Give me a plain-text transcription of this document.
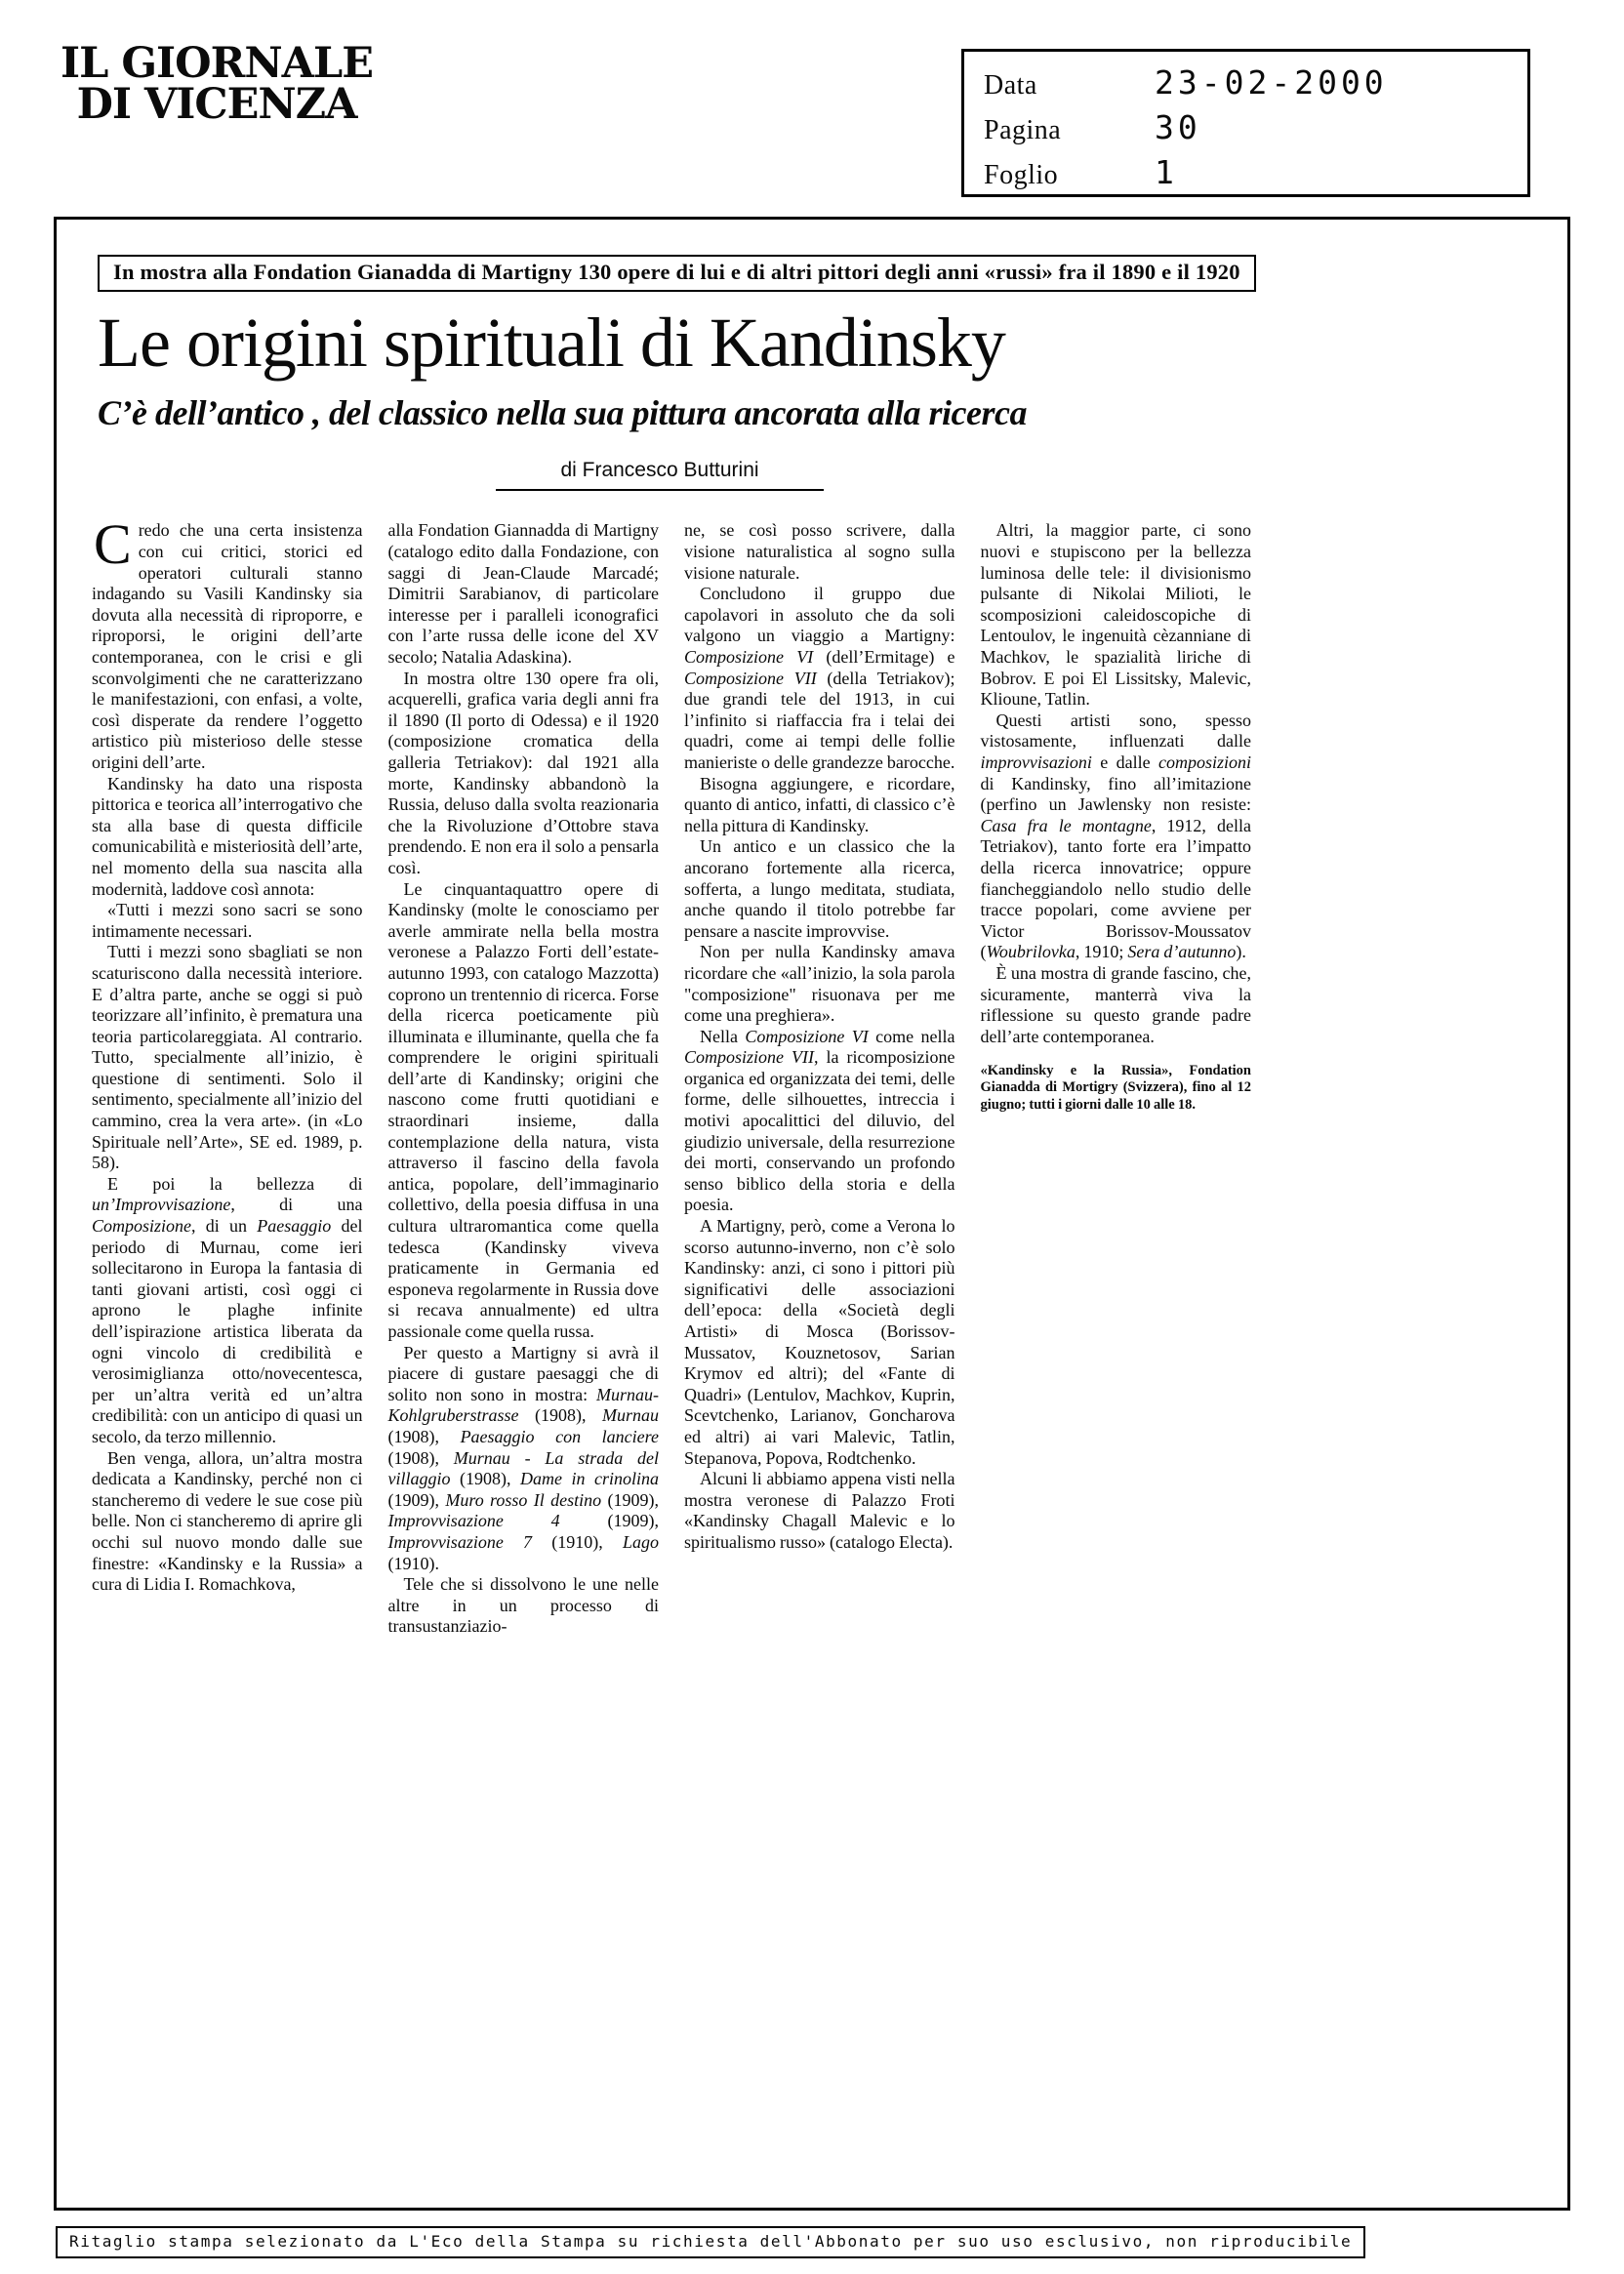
IL GIORNALE
DI VICENZA	Data	23-02-2000
Pagina	30
Foglio	1
In mostra alla Fondation Gianadda di Martigny 130 opere di lui e di altri pittori degli anni «russi» fra il 1890 e il 1920
Le origini spirituali di Kandinsky
C’è dell’antico , del classico nella sua pittura ancorata alla ricerca
di Francesco Butturini

Credo che una certa insistenza con cui critici, storici ed operatori culturali stanno indagando su Vasili Kandinsky sia dovuta alla necessità di riproporre, e riproporsi, le origini dell’arte contemporanea, con le crisi e gli sconvolgimenti che ne caratterizzano le manifestazioni, con enfasi, a volte, così disperate da rendere l’oggetto artistico più misterioso delle stesse origini dell’arte.

Kandinsky ha dato una risposta pittorica e teorica all’interrogativo che sta alla base di questa difficile comunicabilità e misteriosità dell’arte, nel momento della sua nascita alla modernità, laddove così annota:

«Tutti i mezzi sono sacri se sono intimamente necessari.

Tutti i mezzi sono sbagliati se non scaturiscono dalla necessità interiore. E d’altra parte, anche se oggi si può teorizzare all’infinito, è prematura una teoria particolareggiata. Al contrario. Tutto, specialmente all’inizio, è questione di sentimenti. Solo il sentimento, specialmente all’inizio del cammino, crea la vera arte». (in «Lo Spirituale nell’Arte», SE ed. 1989, p. 58).

E poi la bellezza di un’Improvvisazione, di una Composizione, di un Paesaggio del periodo di Murnau, come ieri sollecitarono in Europa la fantasia di tanti giovani artisti, così oggi ci aprono le plaghe infinite dell’ispirazione artistica liberata da ogni vincolo di credibilità e verosimiglianza otto/novecentesca, per un’altra verità ed un’altra credibilità: con un anticipo di quasi un secolo, da terzo millennio.

Ben venga, allora, un’altra mostra dedicata a Kandinsky, perché non ci stancheremo di vedere le sue cose più belle. Non ci stancheremo di aprire gli occhi sul nuovo mondo dalle sue finestre: «Kandinsky e la Russia» a cura di Lidia I. Romachkova,

alla Fondation Giannadda di Martigny (catalogo edito dalla Fondazione, con saggi di Jean-Claude Marcadé; Dimitrii Sarabianov, di particolare interesse per i paralleli iconografici con l’arte russa delle icone del XV secolo; Natalia Adaskina).

In mostra oltre 130 opere fra oli, acquerelli, grafica varia degli anni fra il 1890 (Il porto di Odessa) e il 1920 (composizione cromatica della galleria Tetriakov): dal 1921 alla morte, Kandinsky abbandonò la Russia, deluso dalla svolta reazionaria che la Rivoluzione d’Ottobre stava prendendo. E non era il solo a pensarla così.

Le cinquantaquattro opere di Kandinsky (molte le conosciamo per averle ammirate nella bella mostra veronese a Palazzo Forti dell’estate-autunno 1993, con catalogo Mazzotta) coprono un trentennio di ricerca. Forse della ricerca poeticamente più illuminata e illuminante, quella che fa comprendere le origini spirituali dell’arte di Kandinsky; origini che nascono come frutti quotidiani e straordinari insieme, dalla contemplazione della natura, vista attraverso il fascino della favola antica, popolare, dell’immaginario collettivo, della poesia diffusa in una cultura ultraromantica come quella tedesca (Kandinsky viveva praticamente in Germania ed esponeva regolarmente in Russia dove si recava annualmente) ed ultra passionale come quella russa.

Per questo a Martigny si avrà il piacere di gustare paesaggi che di solito non sono in mostra: Murnau-Kohlgruberstrasse (1908), Murnau (1908), Paesaggio con lanciere (1908), Murnau - La strada del villaggio (1908), Dame in crinolina (1909), Muro rosso Il destino (1909), Improvvisazione 4 (1909), Improvvisazione 7 (1910), Lago (1910).

Tele che si dissolvono le une nelle altre in un processo di transustanziazio-

ne, se così posso scrivere, dalla visione naturalistica al sogno sulla visione naturale.

Concludono il gruppo due capolavori in assoluto che da soli valgono un viaggio a Martigny: Composizione VI (dell’Ermitage) e Composizione VII (della Tetriakov); due grandi tele del 1913, in cui l’infinito si riaffaccia fra i telai dei quadri, come ai tempi delle follie manieriste o delle grandezze barocche.

Bisogna aggiungere, e ricordare, quanto di antico, infatti, di classico c’è nella pittura di Kandinsky.

Un antico e un classico che la ancorano fortemente alla ricerca, sofferta, a lungo meditata, studiata, anche quando il titolo potrebbe far pensare a nascite improvvise.

Non per nulla Kandinsky amava ricordare che «all’inizio, la sola parola "composizione" risuonava per me come una preghiera».

Nella Composizione VI come nella Composizione VII, la ricomposizione organica ed organizzata dei temi, delle forme, delle silhouettes, intreccia i motivi apocalittici del diluvio, del giudizio universale, della resurrezione dei morti, conservando un profondo senso biblico della storia e della poesia.

A Martigny, però, come a Verona lo scorso autunno-inverno, non c’è solo Kandinsky: anzi, ci sono i pittori più significativi delle associazioni dell’epoca: della «Società degli Artisti» di Mosca (Borissov-Mussatov, Kouznetosov, Sarian Krymov ed altri); del «Fante di Quadri» (Lentulov, Machkov, Kuprin, Scevtchenko, Larianov, Goncharova ed altri) ai vari Malevic, Tatlin, Stepanova, Popova, Rodtchenko.

Alcuni li abbiamo appena visti nella mostra veronese di Palazzo Froti «Kandinsky Chagall Malevic e lo spiritualismo russo» (catalogo Electa).

Altri, la maggior parte, ci sono nuovi e stupiscono per la bellezza luminosa delle tele: il divisionismo pulsante di Nikolai Milioti, le scomposizioni caleidoscopiche di Lentoulov, le ingenuità cèzanniane di Machkov, le spazialità liriche di Bobrov. E poi El Lissitsky, Malevic, Klioune, Tatlin.

Questi artisti sono, spesso vistosamente, influenzati dalle improvvisazioni e dalle composizioni di Kandinsky, fino all’imitazione (perfino un Jawlensky non resiste: Casa fra le montagne, 1912, della Tetriakov), tanto forte era l’impatto della ricerca innovatrice; oppure fiancheggiandolo nello studio delle tracce popolari, come avviene per Victor Borissov-Moussatov (Woubrilovka, 1910; Sera d’autunno).

È una mostra di grande fascino, che, sicuramente, manterrà viva la riflessione su questo grande padre dell’arte contemporanea.

«Kandinsky e la Russia», Fondation Gianadda di Mortigry (Svizzera), fino al 12 giugno; tutti i giorni dalle 10 alle 18.

Ritaglio stampa selezionato da L'Eco della Stampa su richiesta dell'Abbonato per suo uso esclusivo, non riproducibile
